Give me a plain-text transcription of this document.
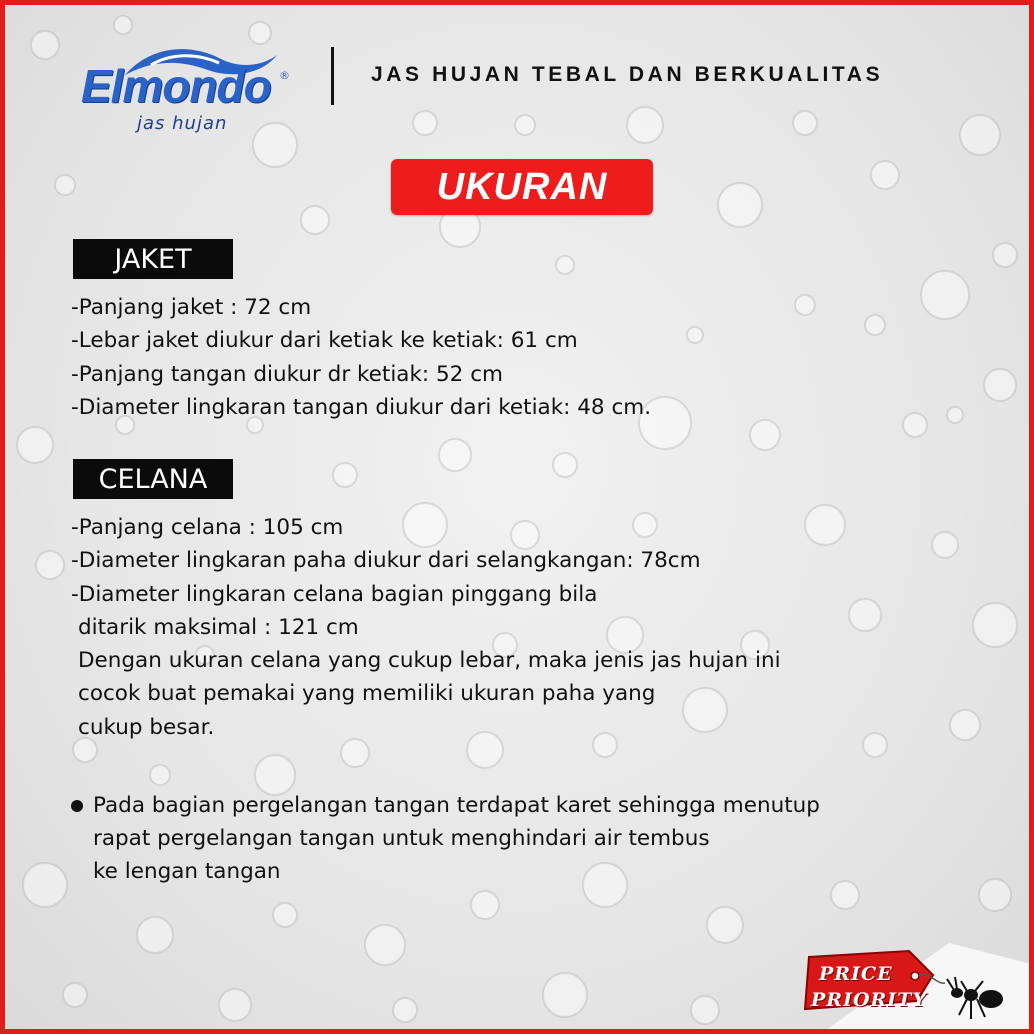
Elmondo ®
jas hujan
JAS HUJAN TEBAL DAN BERKUALITAS
UKURAN
JAKET
-Panjang jaket : 72 cm
-Lebar jaket diukur dari ketiak ke ketiak: 61 cm
-Panjang tangan diukur dr ketiak: 52 cm
-Diameter lingkaran tangan diukur dari ketiak: 48 cm.
CELANA
-Panjang celana : 105 cm
-Diameter lingkaran paha diukur dari selangkangan: 78cm
-Diameter lingkaran celana bagian pinggang bila
ditarik maksimal : 121 cm
Dengan ukuran celana yang cukup lebar, maka jenis jas hujan ini
cocok buat pemakai yang memiliki ukuran paha yang
cukup besar.
Pada bagian pergelangan tangan terdapat karet sehingga menutup
rapat pergelangan tangan untuk menghindari air tembus
ke lengan tangan
PRICE
PRIORITY
